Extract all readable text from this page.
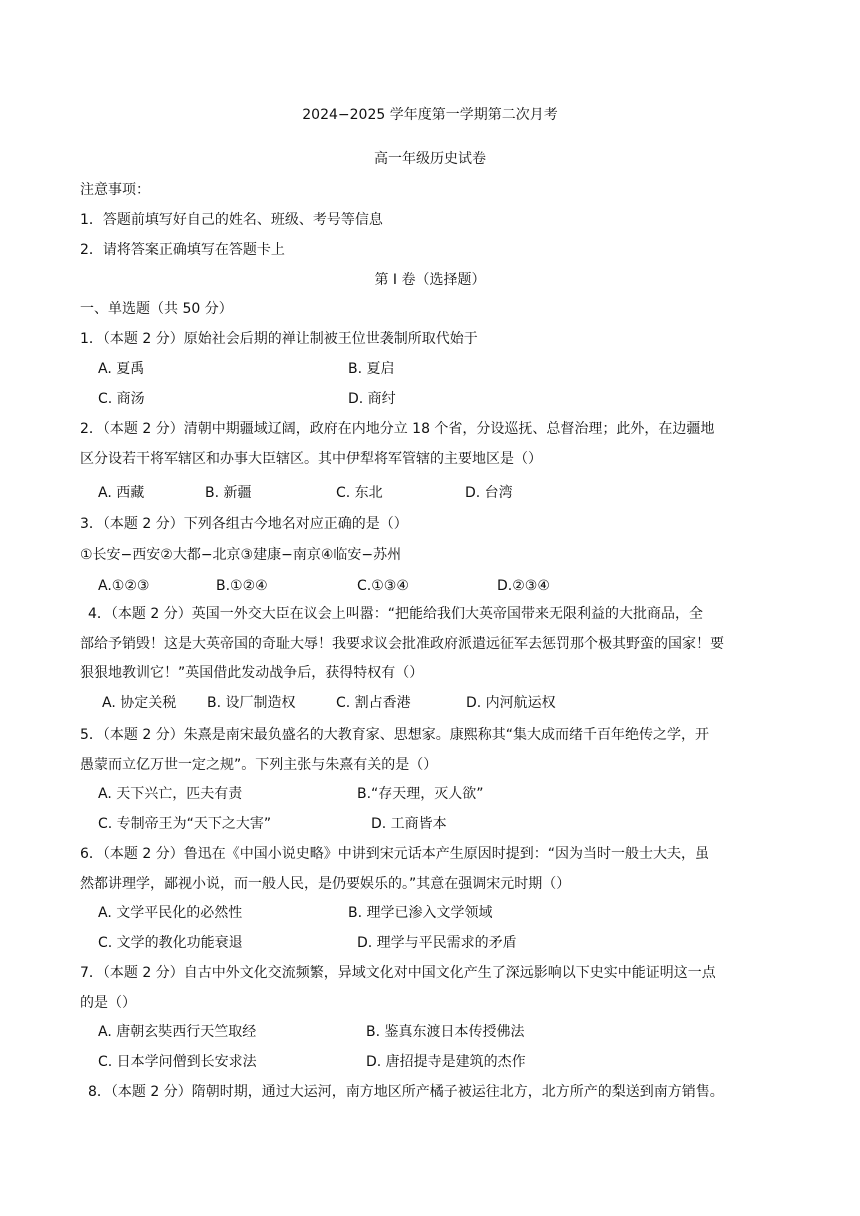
2024−2025 学年度第一学期第二次月考
高一年级历史试卷
注意事项：
1．答题前填写好自己的姓名、班级、考号等信息
2．请将答案正确填写在答题卡上
第 I 卷（选择题）
一、单选题（共 50 分）
1．（本题 2 分）原始社会后期的禅让制被王位世袭制所取代始于
A. 夏禹	B. 夏启
C. 商汤	D. 商纣
2．（本题 2 分）清朝中期疆域辽阔，政府在内地分立 18 个省，分设巡抚、总督治理；此外，在边疆地
区分设若干将军辖区和办事大臣辖区。其中伊犁将军管辖的主要地区是（）
A. 西藏	B. 新疆	C. 东北	D. 台湾
3．（本题 2 分）下列各组古今地名对应正确的是（）
①长安−西安②大都−北京③建康−南京④临安−苏州
A.①②③	B.①②④	C.①③④	D.②③④
4．（本题 2 分）英国一外交大臣在议会上叫嚣：“把能给我们大英帝国带来无限利益的大批商品，全
部给予销毁！这是大英帝国的奇耻大辱！我要求议会批准政府派遣远征军去惩罚那个极其野蛮的国家！要
狠狠地教训它！”英国借此发动战争后，获得特权有（）
A. 协定关税 B. 设厂制造权	C. 割占香港	D. 内河航运权
5．（本题 2 分）朱熹是南宋最负盛名的大教育家、思想家。康熙称其“集大成而绪千百年绝传之学，开
愚蒙而立亿万世一定之规”。下列主张与朱熹有关的是（）
A. 天下兴亡，匹夫有责	B.“存天理，灭人欲”
C. 专制帝王为“天下之大害”	D. 工商皆本
6．（本题 2 分）鲁迅在《中国小说史略》中讲到宋元话本产生原因时提到：“因为当时一般士大夫，虽
然都讲理学，鄙视小说，而一般人民，是仍要娱乐的。”其意在强调宋元时期（）
A. 文学平民化的必然性	B. 理学已渗入文学领域
C. 文学的教化功能衰退	D. 理学与平民需求的矛盾
7．（本题 2 分）自古中外文化交流频繁，异域文化对中国文化产生了深远影响以下史实中能证明这一点
的是（）
A. 唐朝玄奘西行天竺取经	B. 鉴真东渡日本传授佛法
C. 日本学问僧到长安求法	D. 唐招提寺是建筑的杰作
8．（本题 2 分）隋朝时期，通过大运河，南方地区所产橘子被运往北方，北方所产的梨送到南方销售。
